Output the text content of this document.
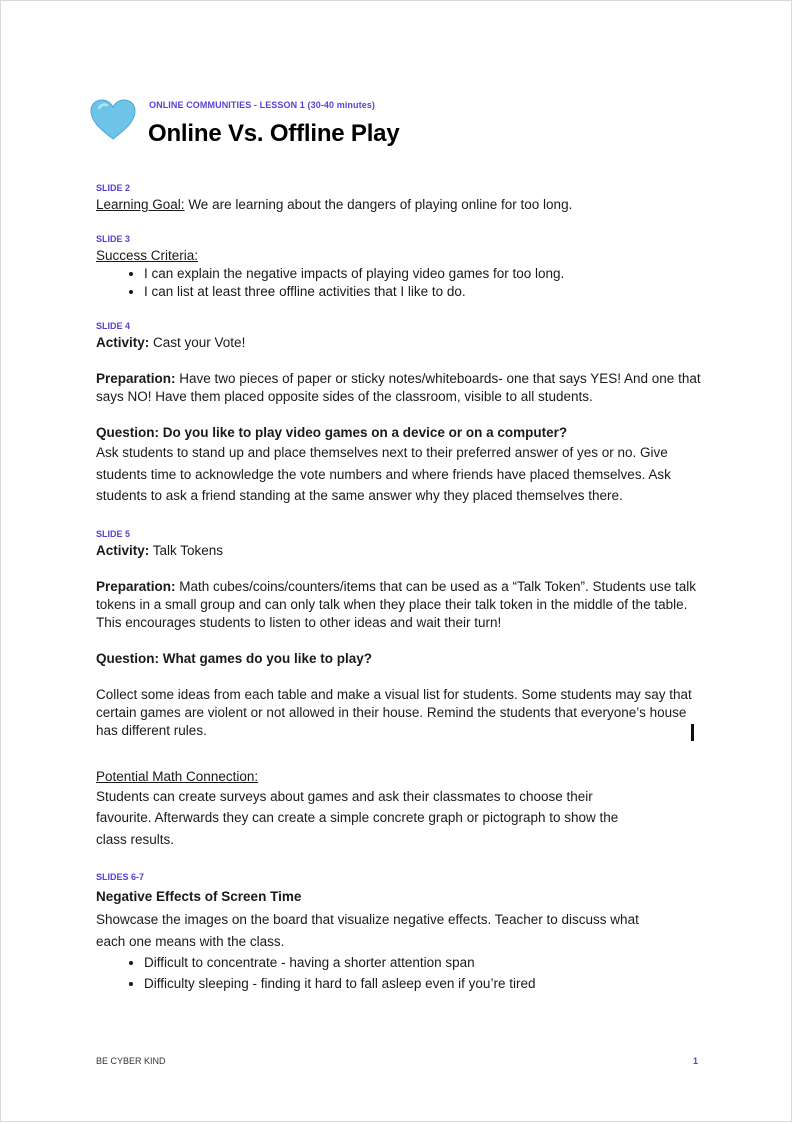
ONLINE COMMUNITIES - LESSON 1 (30-40 minutes)
Online Vs. Offline Play
SLIDE 2

Learning Goal: We are learning about the dangers of playing online for too long.

SLIDE 3

Success Criteria:

• I can explain the negative impacts of playing video games for too long.
• I can list at least three offline activities that I like to do.
SLIDE 4

Activity: Cast your Vote!

Preparation: Have two pieces of paper or sticky notes/whiteboards- one that says YES! And one that says NO! Have them placed opposite sides of the classroom, visible to all students.

Question: Do you like to play video games on a device or on a computer?

Ask students to stand up and place themselves next to their preferred answer of yes or no. Give students time to acknowledge the vote numbers and where friends have placed themselves. Ask students to ask a friend standing at the same answer why they placed themselves there.

SLIDE 5

Activity: Talk Tokens

Preparation: Math cubes/coins/counters/items that can be used as a “Talk Token”. Students use talk tokens in a small group and can only talk when they place their talk token in the middle of the table. This encourages students to listen to other ideas and wait their turn!

Question: What games do you like to play?

Collect some ideas from each table and make a visual list for students. Some students may say that certain games are violent or not allowed in their house. Remind the students that everyone’s house has different rules.

Potential Math Connection:

Students can create surveys about games and ask their classmates to choose their favourite. Afterwards they can create a simple concrete graph or pictograph to show the class results.

SLIDES 6-7

Negative Effects of Screen Time

Showcase the images on the board that visualize negative effects. Teacher to discuss what each one means with the class.

• Difficult to concentrate - having a shorter attention span
• Difficulty sleeping - finding it hard to fall asleep even if you’re tired
BE CYBER KIND	1
